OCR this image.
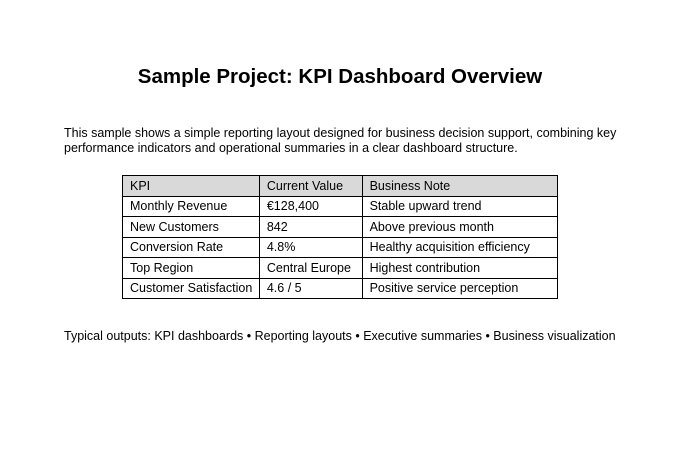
Sample Project: KPI Dashboard Overview

This sample shows a simple reporting layout designed for business decision support, combining key performance indicators and operational summaries in a clear dashboard structure.

KPI	Current Value	Business Note
Monthly Revenue	€128,400	Stable upward trend
New Customers	842	Above previous month
Conversion Rate	4.8%	Healthy acquisition efficiency
Top Region	Central Europe	Highest contribution
Customer Satisfaction	4.6 / 5	Positive service perception

Typical outputs: KPI dashboards • Reporting layouts • Executive summaries • Business visualization
